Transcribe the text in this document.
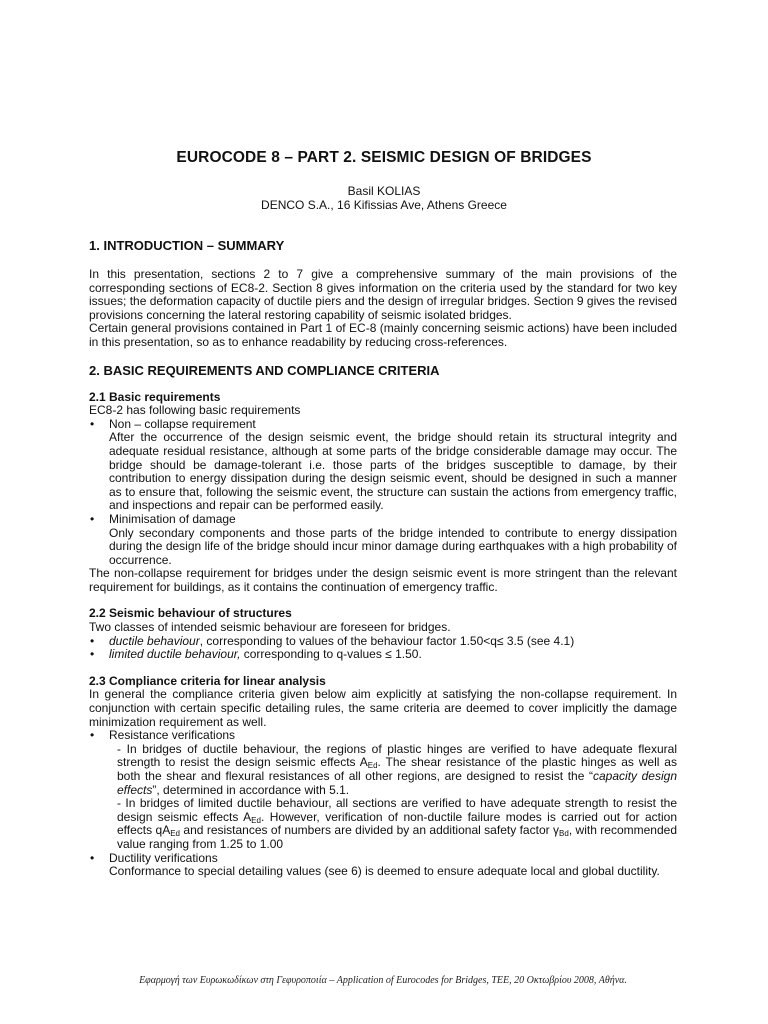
EUROCODE 8 – PART 2. SEISMIC DESIGN OF BRIDGES
Basil KOLIAS
DENCO S.A., 16 Kifissias Ave, Athens Greece
1. INTRODUCTION – SUMMARY

In this presentation, sections 2 to 7 give a comprehensive summary of the main provisions of the corresponding sections of EC8-2. Section 8 gives information on the criteria used by the standard for two key issues; the deformation capacity of ductile piers and the design of irregular bridges. Section 9 gives the revised provisions concerning the lateral restoring capability of seismic isolated bridges.

Certain general provisions contained in Part 1 of EC-8 (mainly concerning seismic actions) have been included in this presentation, so as to enhance readability by reducing cross-references.

2. BASIC REQUIREMENTS AND COMPLIANCE CRITERIA
2.1 Basic requirements

EC8-2 has following basic requirements

• Non – collapse requirement
After the occurrence of the design seismic event, the bridge should retain its structural integrity and adequate residual resistance, although at some parts of the bridge considerable damage may occur. The bridge should be damage-tolerant i.e. those parts of the bridges susceptible to damage, by their contribution to energy dissipation during the design seismic event, should be designed in such a manner as to ensure that, following the seismic event, the structure can sustain the actions from emergency traffic, and inspections and repair can be performed easily.
• Minimisation of damage
Only secondary components and those parts of the bridge intended to contribute to energy dissipation during the design life of the bridge should incur minor damage during earthquakes with a high probability of occurrence.

The non-collapse requirement for bridges under the design seismic event is more stringent than the relevant requirement for buildings, as it contains the continuation of emergency traffic.

2.2 Seismic behaviour of structures

Two classes of intended seismic behaviour are foreseen for bridges.

• ductile behaviour, corresponding to values of the behaviour factor 1.50<q≤ 3.5 (see 4.1)
• limited ductile behaviour, corresponding to q-values ≤ 1.50.
2.3 Compliance criteria for linear analysis

In general the compliance criteria given below aim explicitly at satisfying the non-collapse requirement. In conjunction with certain specific detailing rules, the same criteria are deemed to cover implicitly the damage minimization requirement as well.

• Resistance verifications
- In bridges of ductile behaviour, the regions of plastic hinges are verified to have adequate flexural strength to resist the design seismic effects $A_{Ed}$. The shear resistance of the plastic hinges as well as both the shear and flexural resistances of all other regions, are designed to resist the “capacity design effects”, determined in accordance with 5.1.
- In bridges of limited ductile behaviour, all sections are verified to have adequate strength to resist the design seismic effects $A_{Ed}$. However, verification of non-ductile failure modes is carried out for action effects $qA_{Ed}$ and resistances of numbers are divided by an additional safety factor $\gamma_{Bd}$, with recommended value ranging from 1.25 to 1.00
• Ductility verifications
Conformance to special detailing values (see 6) is deemed to ensure adequate local and global ductility.
Εφαρμογή των Ευρωκωδίκων στη Γεφυροποιία – Application of Eurocodes for Bridges, ΤΕΕ, 20 Οκτωβρίου 2008, Αθήνα.
